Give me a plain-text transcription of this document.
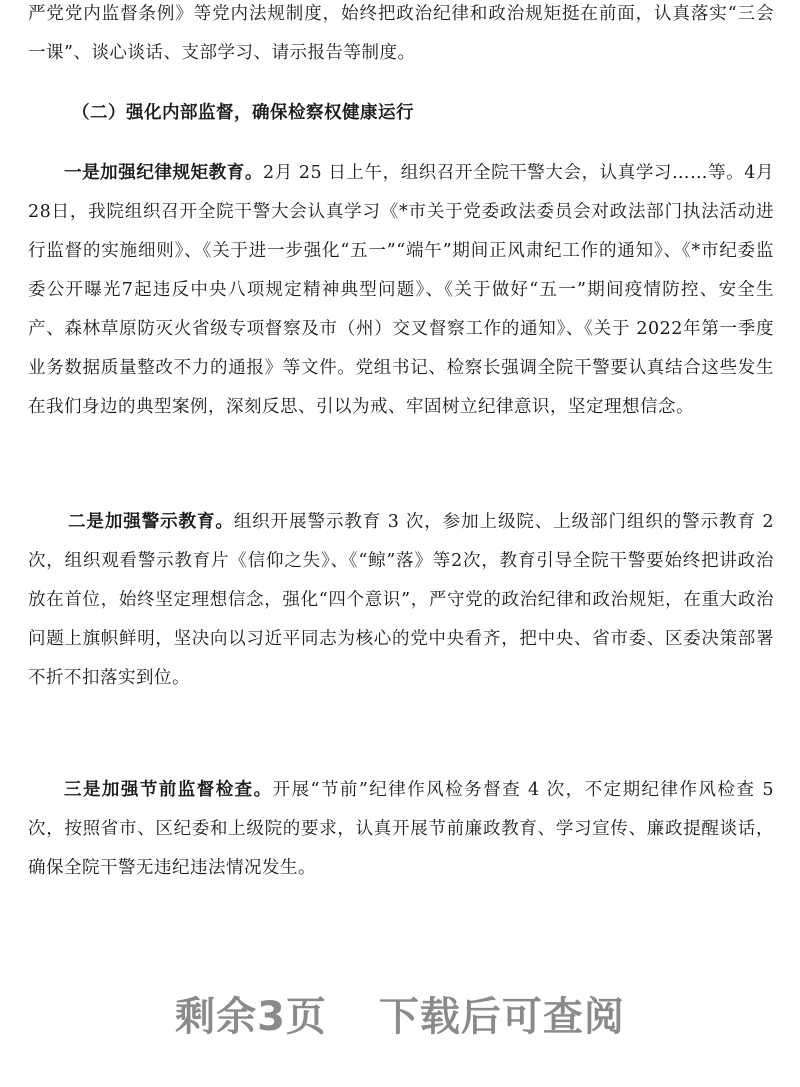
严党党内监督条例》等党内法规制度，始终把政治纪律和政治规矩挺在前面，认真落实“三会一课”、谈心谈话、支部学习、请示报告等制度。

（二）强化内部监督，确保检察权健康运行

一是加强纪律规矩教育。2月 25 日上午，组织召开全院干警大会，认真学习……等。4月28日，我院组织召开全院干警大会认真学习《*市关于党委政法委员会对政法部门执法活动进行监督的实施细则》、《关于进一步强化“五一”“端午”期间正风肃纪工作的通知》、《*市纪委监委公开曝光7起违反中央八项规定精神典型问题》、《关于做好“五一”期间疫情防控、安全生产、森林草原防灭火省级专项督察及市（州）交叉督察工作的通知》、《关于 2022年第一季度业务数据质量整改不力的通报》等文件。党组书记、检察长强调全院干警要认真结合这些发生在我们身边的典型案例，深刻反思、引以为戒、牢固树立纪律意识，坚定理想信念。

二是加强警示教育。组织开展警示教育 3 次，参加上级院、上级部门组织的警示教育 2 次，组织观看警示教育片《信仰之失》、《“鲸”落》等2次，教育引导全院干警要始终把讲政治放在首位，始终坚定理想信念，强化“四个意识”，严守党的政治纪律和政治规矩，在重大政治问题上旗帜鲜明，坚决向以习近平同志为核心的党中央看齐，把中央、省市委、区委决策部署不折不扣落实到位。

三是加强节前监督检查。开展“节前”纪律作风检务督查 4 次，不定期纪律作风检查 5 次，按照省市、区纪委和上级院的要求，认真开展节前廉政教育、学习宣传、廉政提醒谈话，确保全院干警无违纪违法情况发生。

剩余3页 下载后可查阅
